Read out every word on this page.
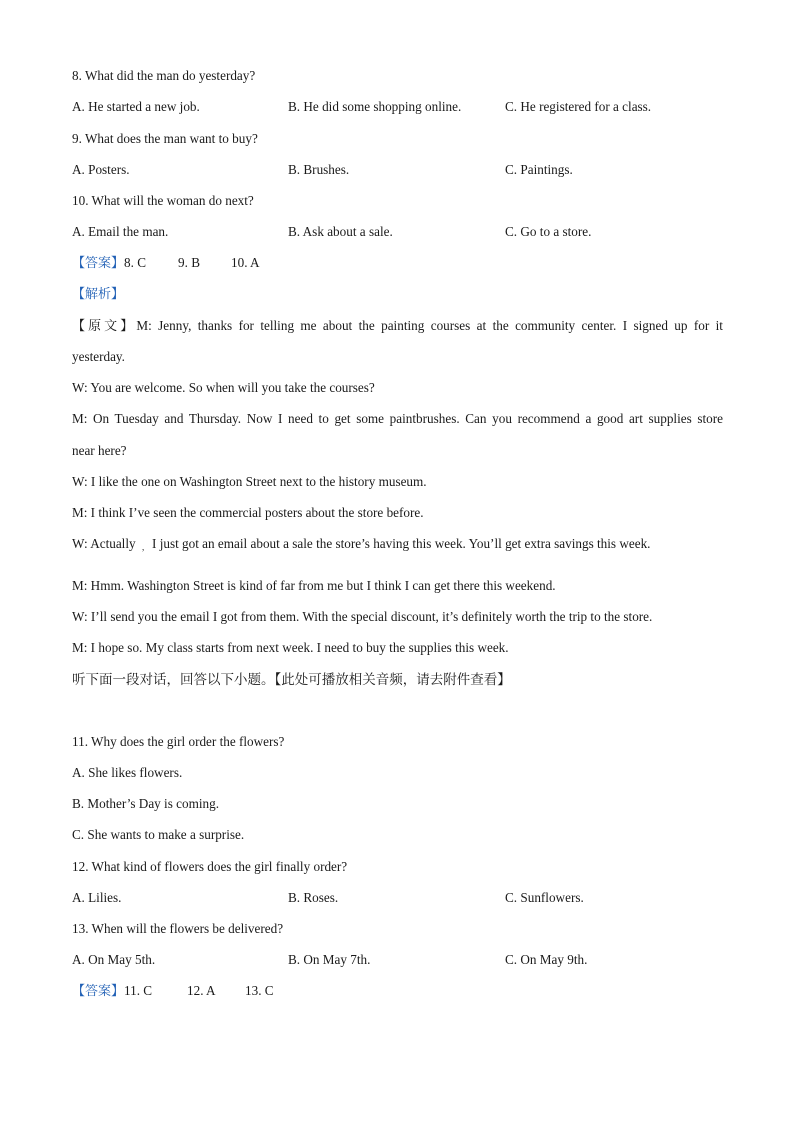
8. What did the man do yesterday?
A. He started a new job.	B. He did some shopping online.	C. He registered for a class.
9. What does the man want to buy?
A. Posters.	B. Brushes.	C. Paintings.
10. What will the woman do next?
A. Email the man.	B. Ask about a sale.	C. Go to a store.
【答案】8. C 9. B 10. A
【解析】
【原文】M: Jenny, thanks for telling me about the painting courses at the community center. I signed up for it
yesterday.
W: You are welcome. So when will you take the courses?
M: On Tuesday and Thursday. Now I need to get some paintbrushes. Can you recommend a good art supplies store
near here?
W: I like the one on Washington Street next to the history museum.
M: I think I’ve seen the commercial posters about the store before.
W: Actually , I just got an email about a sale the store’s having this week. You’ll get extra savings this week.
M: Hmm. Washington Street is kind of far from me but I think I can get there this weekend.
W: I’ll send you the email I got from them. With the special discount, it’s definitely worth the trip to the store.
M: I hope so. My class starts from next week. I need to buy the supplies this week.
听下面一段对话，回答以下小题。【此处可播放相关音频，请去附件查看】
11. Why does the girl order the flowers?
A. She likes flowers.
B. Mother’s Day is coming.
C. She wants to make a surprise.
12. What kind of flowers does the girl finally order?
A. Lilies.	B. Roses.	C. Sunflowers.
13. When will the flowers be delivered?
A. On May 5th.	B. On May 7th.	C. On May 9th.
【答案】11. C	12. A 13. C
